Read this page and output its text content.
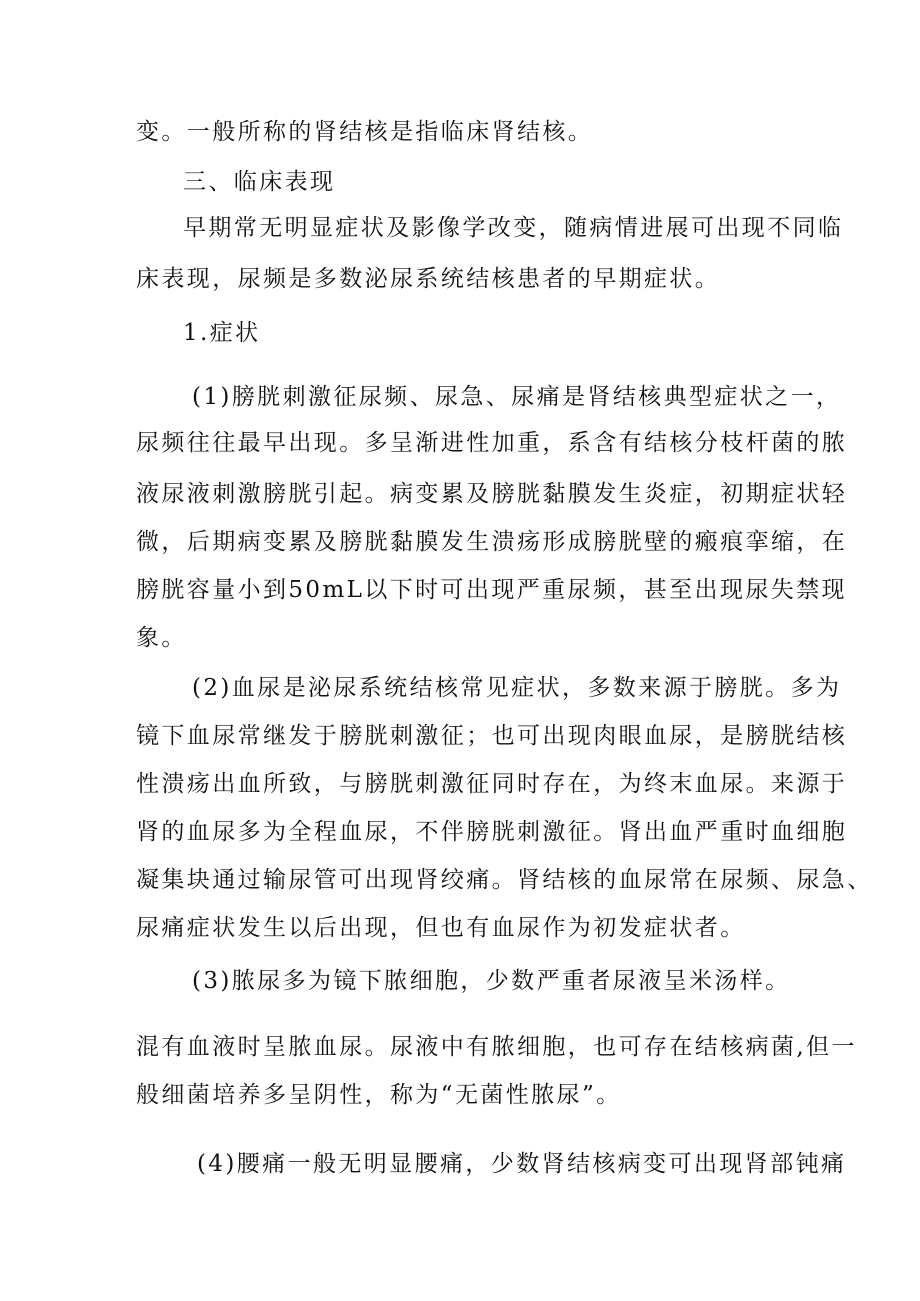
变。一般所称的肾结核是指临床肾结核。
三、临床表现
早期常无明显症状及影像学改变，随病情进展可出现不同临
床表现，尿频是多数泌尿系统结核患者的早期症状。
1.症状
(1)膀胱刺激征尿频、尿急、尿痛是肾结核典型症状之一，
尿频往往最早出现。多呈渐进性加重，系含有结核分枝杆菌的脓
液尿液刺激膀胱引起。病变累及膀胱黏膜发生炎症，初期症状轻
微，后期病变累及膀胱黏膜发生溃疡形成膀胱壁的瘢痕挛缩，在
膀胱容量小到50mL以下时可出现严重尿频，甚至出现尿失禁现
象。
(2)血尿是泌尿系统结核常见症状，多数来源于膀胱。多为
镜下血尿常继发于膀胱刺激征；也可出现肉眼血尿，是膀胱结核
性溃疡出血所致，与膀胱刺激征同时存在，为终末血尿。来源于
肾的血尿多为全程血尿，不伴膀胱刺激征。肾出血严重时血细胞
凝集块通过输尿管可出现肾绞痛。肾结核的血尿常在尿频、尿急、
尿痛症状发生以后出现，但也有血尿作为初发症状者。
(3)脓尿多为镜下脓细胞，少数严重者尿液呈米汤样。
混有血液时呈脓血尿。尿液中有脓细胞，也可存在结核病菌,但一
般细菌培养多呈阴性，称为“无菌性脓尿”。
(4)腰痛一般无明显腰痛，少数肾结核病变可出现肾部钝痛
